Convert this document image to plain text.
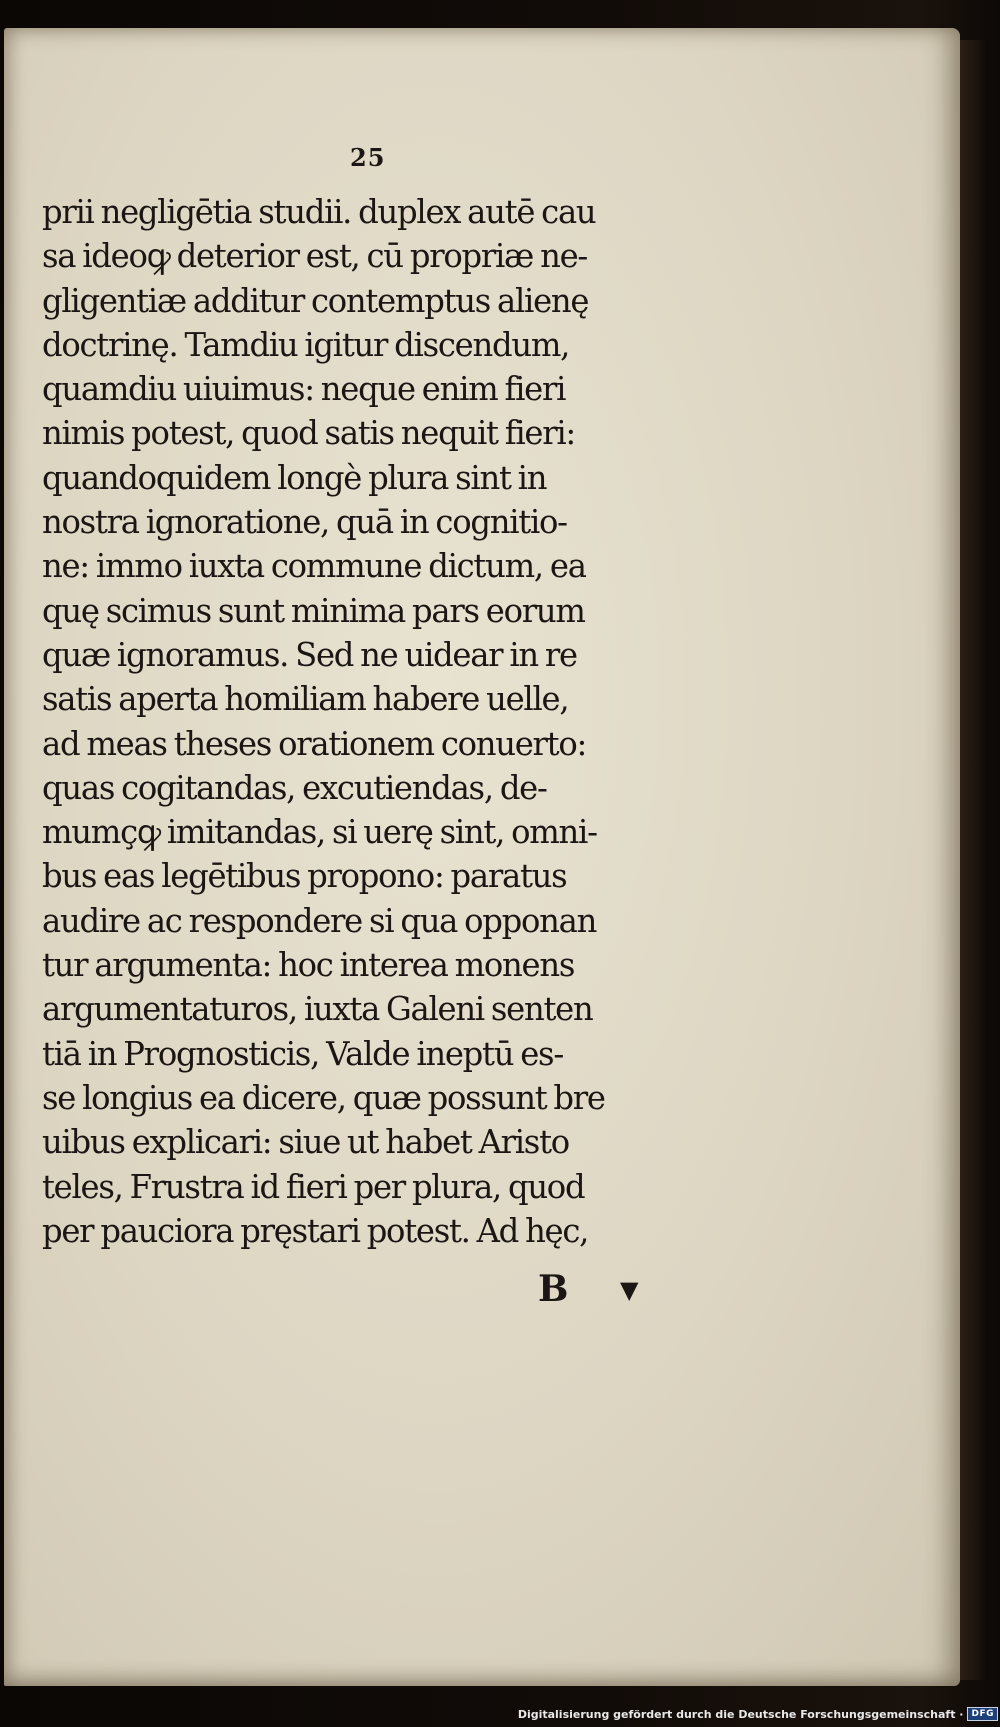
25
prii negligētia studii. duplex autē cau
sa ideoꝙ deterior est, cū propriæ ne-
gligentiæ additur contemptus alienę
doctrinę. Tamdiu igitur discendum,
quamdiu uiuimus: neque enim fieri
nimis potest, quod satis nequit fieri:
quandoquidem longè plura sint in
nostra ignoratione, quā in cognitio-
ne: immo iuxta commune dictum, ea
quę scimus sunt minima pars eorum
quæ ignoramus. Sed ne uidear in re
satis aperta homiliam habere uelle,
ad meas theses orationem conuerto:
quas cogitandas, excutiendas, de-
mumçꝙ imitandas, si uerę sint, omni-
bus eas legētibus propono: paratus
audire ac respondere si qua opponan
tur argumenta: hoc interea monens
argumentaturos, iuxta Galeni senten
tiā in Prognosticis, Valde ineptū es-
se longius ea dicere, quæ possunt bre
uibus explicari: siue ut habet Aristo
teles, Frustra id fieri per plura, quod
per pauciora pręstari potest. Ad hęc,
B ▼
Digitalisierung gefördert durch die Deutsche Forschungsgemeinschaft · DFG
